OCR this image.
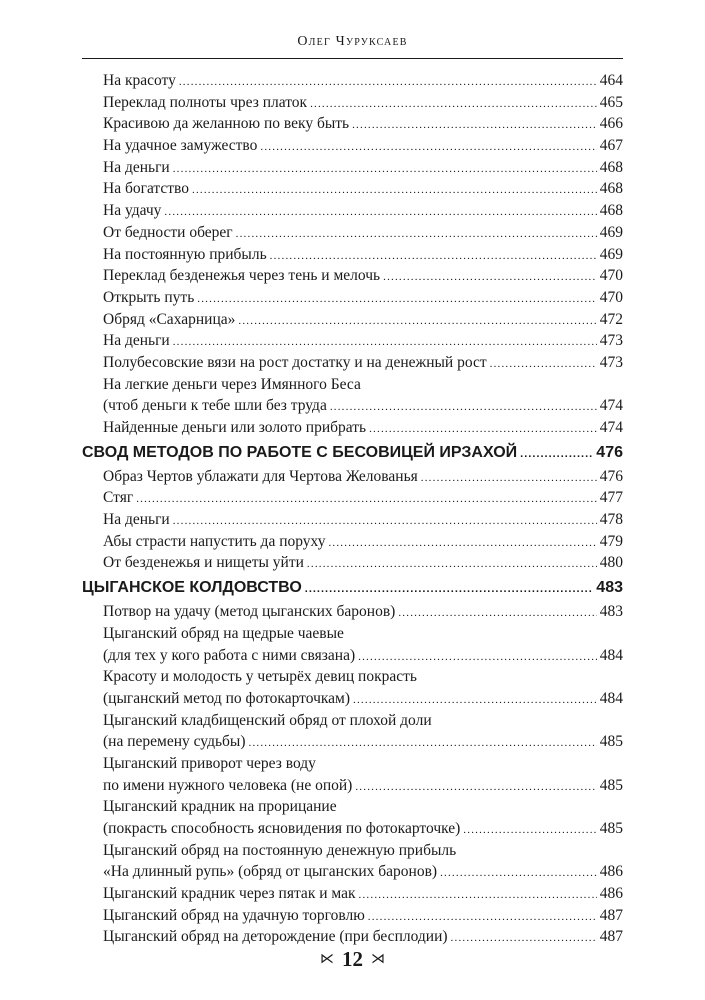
Олег Чуруксаев
На красоту .....	464
Переклад полноты чрез платок .....	465
Красивою да желанною по веку быть .....	466
На удачное замужество .....	467
На деньги .....	468
На богатство .....	468
На удачу .....	468
От бедности оберег .....	469
На постоянную прибыль .....	469
Переклад безденежья через тень и мелочь .....	470
Открыть путь .....	470
Обряд «Сахарница» .....	472
На деньги .....	473
Полубесовские вязи на рост достатку и на денежный рост .....	473
На легкие деньги через Имянного Беса
(чтоб деньги к тебе шли без труда .....	474
Найденные деньги или золото прибрать .....	474
СВОД МЕТОДОВ ПО РАБОТЕ С БЕСОВИЦЕЙ ИРЗАХОЙ .....	476
Образ Чертов ублажати для Чертова Желованья .....	476
Стяг .....	477
На деньги .....	478
Абы страсти напустить да поруху .....	479
От безденежья и нищеты уйти .....	480
ЦЫГАНСКОЕ КОЛДОВСТВО .....	483
Потвор на удачу (метод цыганских баронов) .....	483
Цыганский обряд на щедрые чаевые
(для тех у кого работа с ними связана) .....	484
Красоту и молодость у четырёх девиц покрасть
(цыганский метод по фотокарточкам) .....	484
Цыганский кладбищенский обряд от плохой доли
(на перемену судьбы) .....	485
Цыганский приворот через воду
по имени нужного человека (не опой) .....	485
Цыганский крадник на прорицание
(покрасть способность ясновидения по фотокарточке) .....	485
Цыганский обряд на постоянную денежную прибыль
«На длинный рупь» (обряд от цыганских баронов) .....	486
Цыганский крадник через пятак и мак .....	486
Цыганский обряд на удачную торговлю .....	487
Цыганский обряд на деторождение (при бесплодии) .....	487
⋉ 12 ⋊
